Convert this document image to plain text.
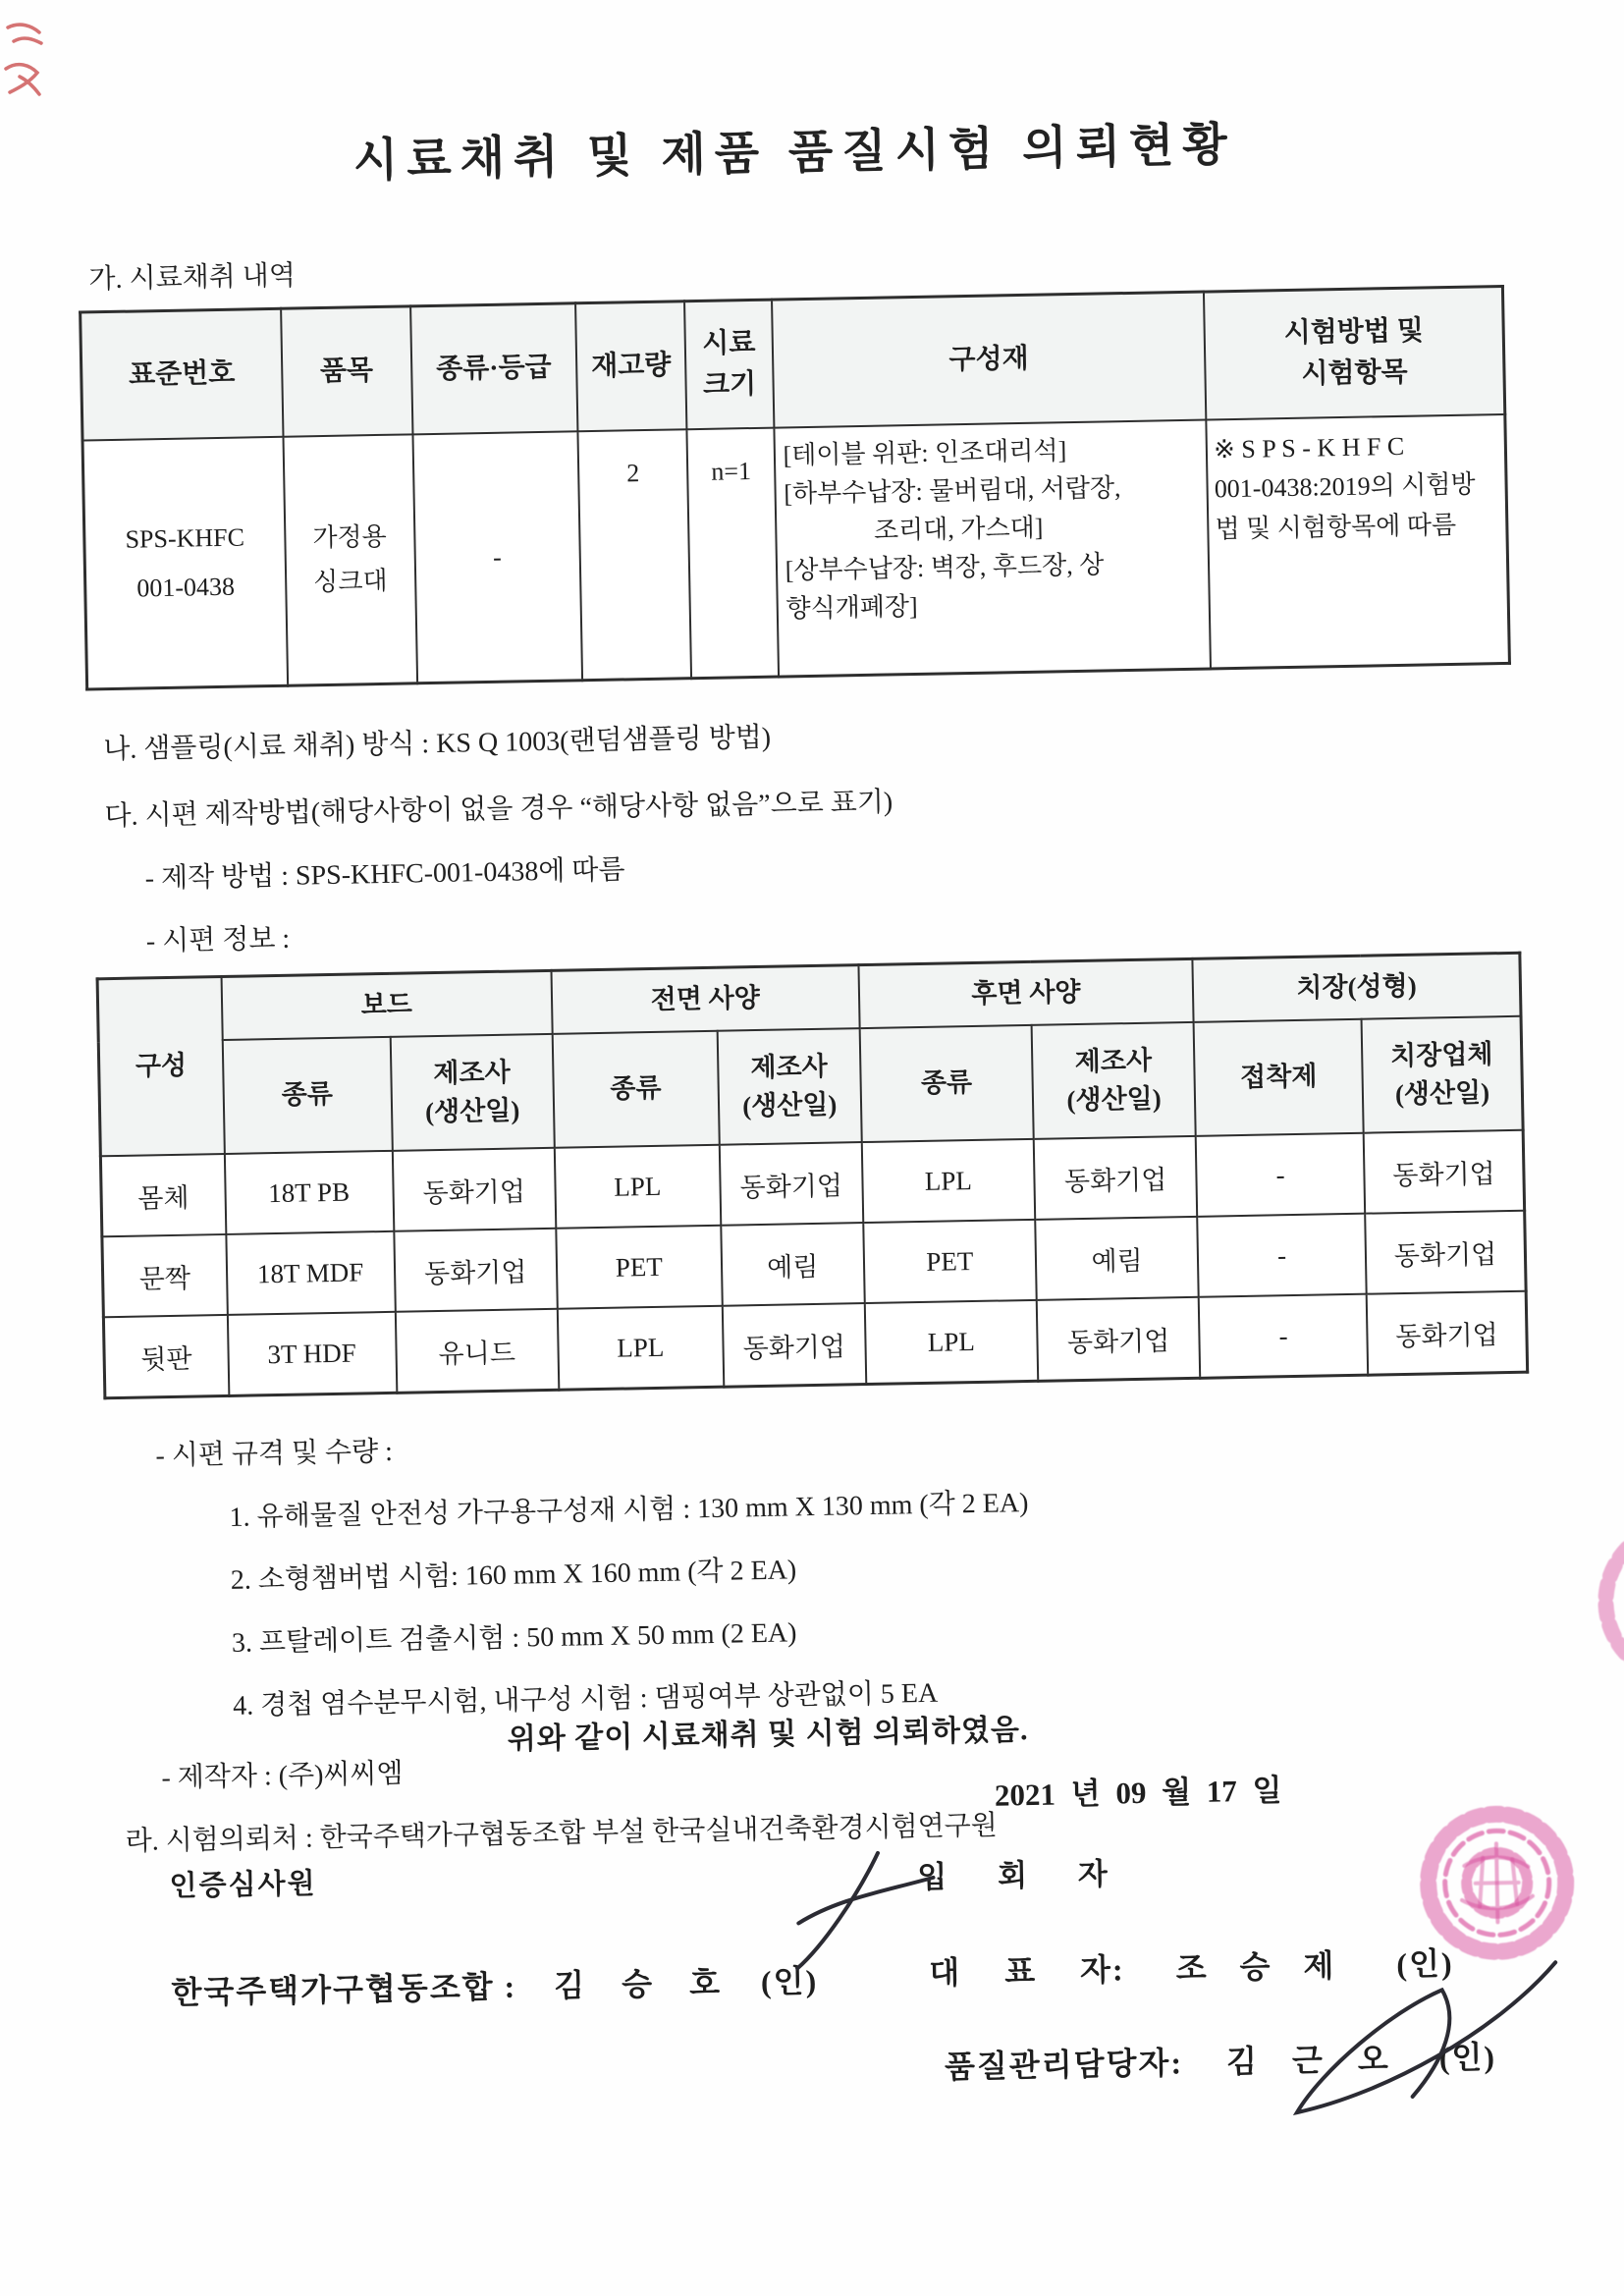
시료채취 및 제품 품질시험 의뢰현황
가. 시료채취 내역
표준번호	품목	종류·등급	재고량	시료
크기	구성재	시험방법 및
시험항목
SPS-KHFC
001-0438	가정용
싱크대	-	2	n=1	[테이블 위판: 인조대리석]
[하부수납장: 물버림대, 서랍장,
조리대, 가스대]
[상부수납장: 벽장, 후드장, 상
향식개폐장]	※ S P S - K H F C
001-0438:2019의 시험방
법 및 시험항목에 따름
나. 샘플링(시료 채취) 방식 : KS Q 1003(랜덤샘플링 방법)
다. 시편 제작방법(해당사항이 없을 경우 “해당사항 없음”으로 표기)
- 제작 방법 : SPS-KHFC-001-0438에 따름
- 시편 정보 :
구성	보드		전면 사양		후면 사양		치장(성형)	
	종류	제조사
(생산일)	종류	제조사
(생산일)	종류	제조사
(생산일)	접착제	치장업체
(생산일)
몸체	18T PB	동화기업	LPL	동화기업	LPL	동화기업	-	동화기업
문짝	18T MDF	동화기업	PET	예림	PET	예림	-	동화기업
뒷판	3T HDF	유니드	LPL	동화기업	LPL	동화기업	-	동화기업
- 시편 규격 및 수량 :
1. 유해물질 안전성 가구용구성재 시험 : 130 mm X 130 mm (각 2 EA)
2. 소형챔버법 시험: 160 mm X 160 mm (각 2 EA)
3. 프탈레이트 검출시험 : 50 mm X 50 mm (2 EA)
4. 경첩 염수분무시험, 내구성 시험 : 댐핑여부 상관없이 5 EA
- 제작자 : (주)씨씨엠
라. 시험의뢰처 : 한국주택가구협동조합 부설 한국실내건축환경시험연구원
위와 같이 시료채취 및 시험 의뢰하였음.
2021 년 09 월 17 일
입 회 자
인증심사원
한국주택가구협동조합 : 김 승 호 (인)	대 표 자: 조 승 제 (인)
품질관리담당자: 김 근 오 (인)
